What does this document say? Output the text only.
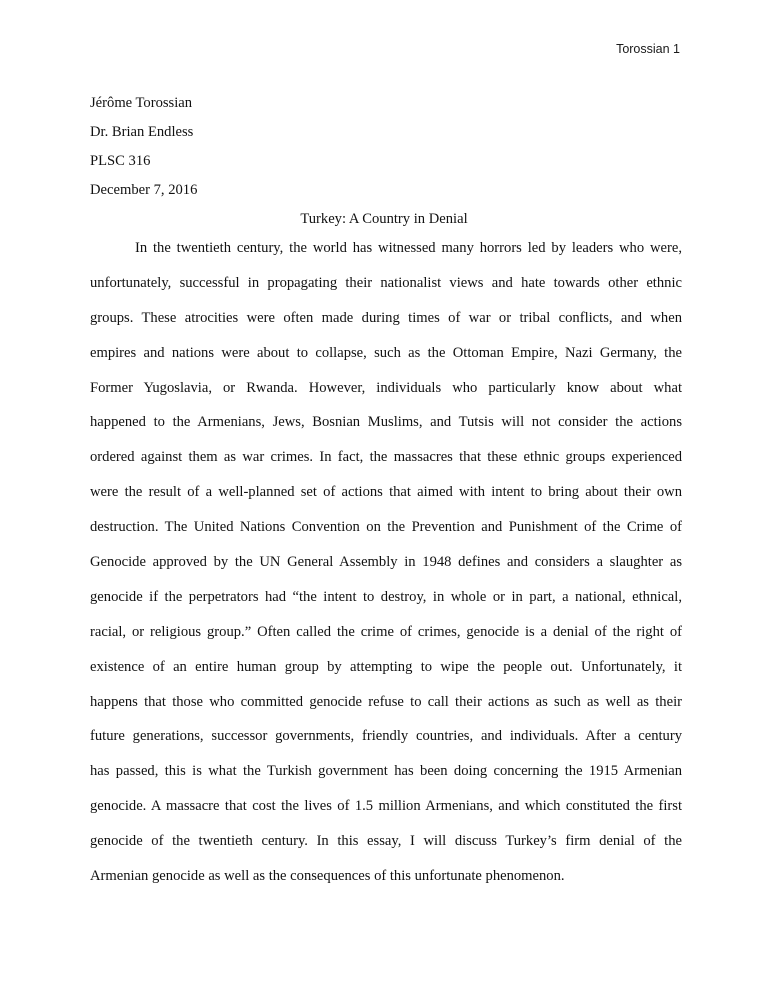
Torossian 1
Jérôme Torossian
Dr. Brian Endless
PLSC 316
December 7, 2016
Turkey: A Country in Denial
In the twentieth century, the world has witnessed many horrors led by leaders who were,
unfortunately, successful in propagating their nationalist views and hate towards other ethnic
groups. These atrocities were often made during times of war or tribal conflicts, and when
empires and nations were about to collapse, such as the Ottoman Empire, Nazi Germany, the
Former Yugoslavia, or Rwanda. However, individuals who particularly know about what
happened to the Armenians, Jews, Bosnian Muslims, and Tutsis will not consider the actions
ordered against them as war crimes. In fact, the massacres that these ethnic groups experienced
were the result of a well-planned set of actions that aimed with intent to bring about their own
destruction. The United Nations Convention on the Prevention and Punishment of the Crime of
Genocide approved by the UN General Assembly in 1948 defines and considers a slaughter as
genocide if the perpetrators had “the intent to destroy, in whole or in part, a national, ethnical,
racial, or religious group.” Often called the crime of crimes, genocide is a denial of the right of
existence of an entire human group by attempting to wipe the people out. Unfortunately, it
happens that those who committed genocide refuse to call their actions as such as well as their
future generations, successor governments, friendly countries, and individuals. After a century
has passed, this is what the Turkish government has been doing concerning the 1915 Armenian
genocide. A massacre that cost the lives of 1.5 million Armenians, and which constituted the first
genocide of the twentieth century. In this essay, I will discuss Turkey’s firm denial of the
Armenian genocide as well as the consequences of this unfortunate phenomenon.
